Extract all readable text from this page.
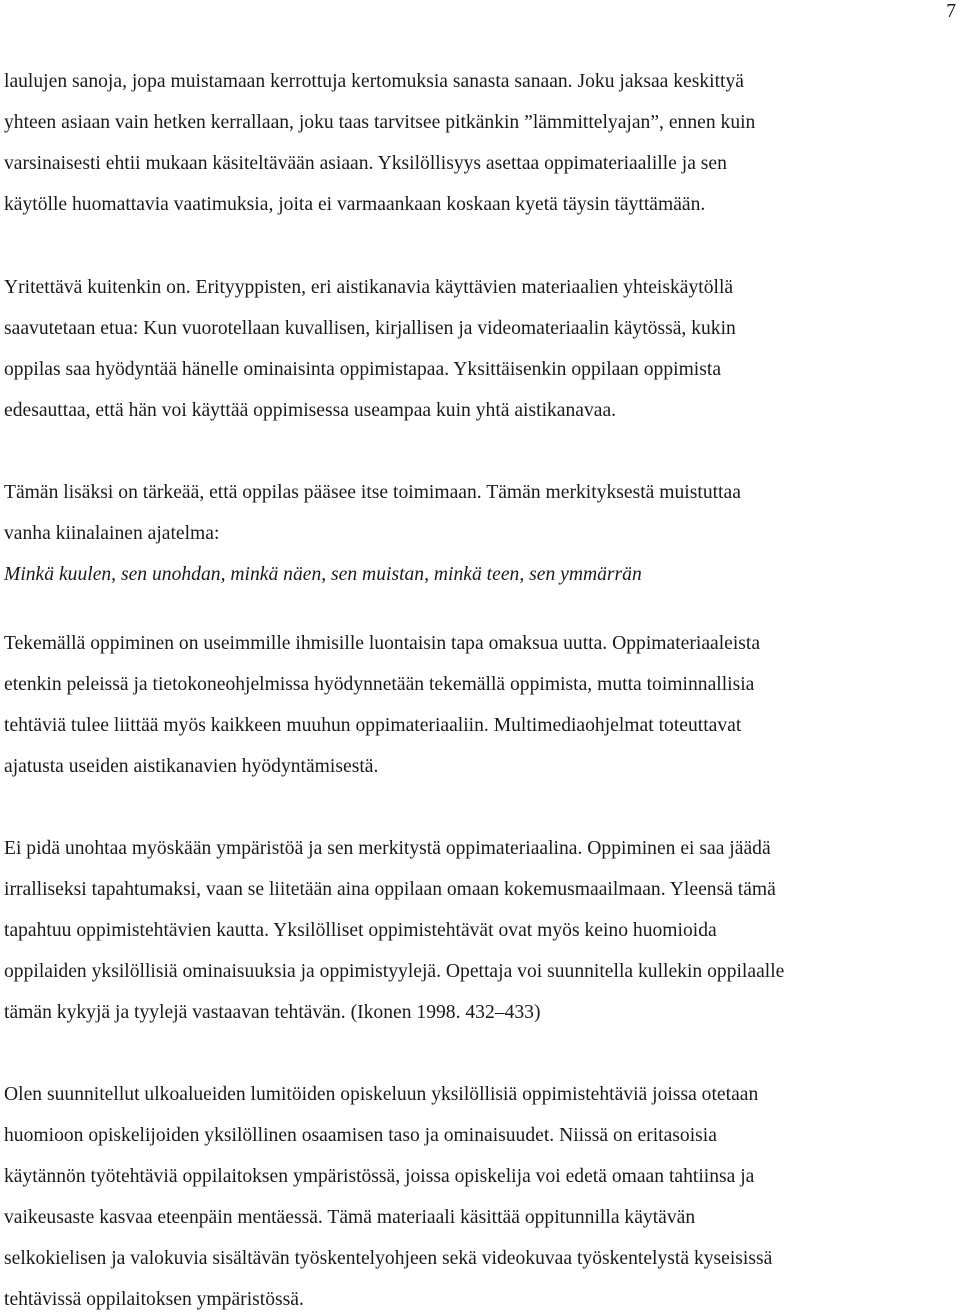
7
laulujen sanoja, jopa muistamaan kerrottuja kertomuksia sanasta sanaan. Joku jaksaa keskittyä
yhteen asiaan vain hetken kerrallaan, joku taas tarvitsee pitkänkin ”lämmittelyajan”, ennen kuin
varsinaisesti ehtii mukaan käsiteltävään asiaan. Yksilöllisyys asettaa oppimateriaalille ja sen
käytölle huomattavia vaatimuksia, joita ei varmaankaan koskaan kyetä täysin täyttämään.
Yritettävä kuitenkin on. Erityyppisten, eri aistikanavia käyttävien materiaalien yhteiskäytöllä
saavutetaan etua: Kun vuorotellaan kuvallisen, kirjallisen ja videomateriaalin käytössä, kukin
oppilas saa hyödyntää hänelle ominaisinta oppimistapaa. Yksittäisenkin oppilaan oppimista
edesauttaa, että hän voi käyttää oppimisessa useampaa kuin yhtä aistikanavaa.
Tämän lisäksi on tärkeää, että oppilas pääsee itse toimimaan. Tämän merkityksestä muistuttaa
vanha kiinalainen ajatelma:
Minkä kuulen, sen unohdan, minkä näen, sen muistan, minkä teen, sen ymmärrän
Tekemällä oppiminen on useimmille ihmisille luontaisin tapa omaksua uutta. Oppimateriaaleista
etenkin peleissä ja tietokoneohjelmissa hyödynnetään tekemällä oppimista, mutta toiminnallisia
tehtäviä tulee liittää myös kaikkeen muuhun oppimateriaaliin. Multimediaohjelmat toteuttavat
ajatusta useiden aistikanavien hyödyntämisestä.
Ei pidä unohtaa myöskään ympäristöä ja sen merkitystä oppimateriaalina. Oppiminen ei saa jäädä
irralliseksi tapahtumaksi, vaan se liitetään aina oppilaan omaan kokemusmaailmaan. Yleensä tämä
tapahtuu oppimistehtävien kautta. Yksilölliset oppimistehtävät ovat myös keino huomioida
oppilaiden yksilöllisiä ominaisuuksia ja oppimistyylejä. Opettaja voi suunnitella kullekin oppilaalle
tämän kykyjä ja tyylejä vastaavan tehtävän. (Ikonen 1998. 432–433)
Olen suunnitellut ulkoalueiden lumitöiden opiskeluun yksilöllisiä oppimistehtäviä joissa otetaan
huomioon opiskelijoiden yksilöllinen osaamisen taso ja ominaisuudet. Niissä on eritasoisia
käytännön työtehtäviä oppilaitoksen ympäristössä, joissa opiskelija voi edetä omaan tahtiinsa ja
vaikeusaste kasvaa eteenpäin mentäessä. Tämä materiaali käsittää oppitunnilla käytävän
selkokielisen ja valokuvia sisältävän työskentelyohjeen sekä videokuvaa työskentelystä kyseisissä
tehtävissä oppilaitoksen ympäristössä.
